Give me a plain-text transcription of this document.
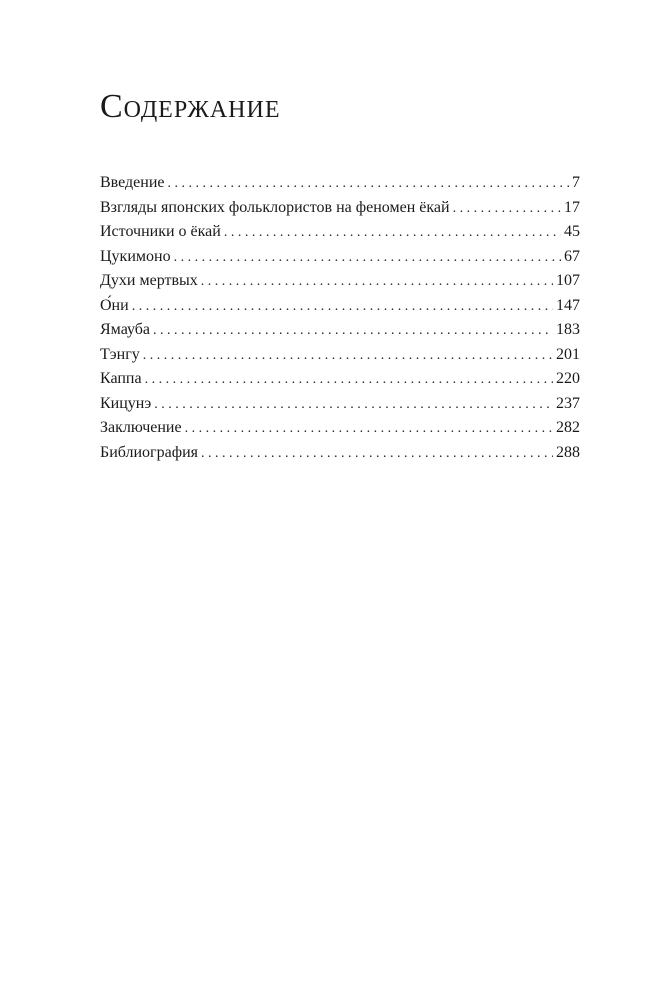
Содержание
Введение . . .	7
Взгляды японских фольклористов на феномен ёкай . . .	17
Источники о ёкай . . .	45
Цукимоно . . .	67
Духи мертвых . . .	107
О́ни . . .	147
Ямауба . . .	183
Тэнгу . . .	201
Каппа . . .	220
Кицунэ . . .	237
Заключение . . .	282
Библиография . . .	288
